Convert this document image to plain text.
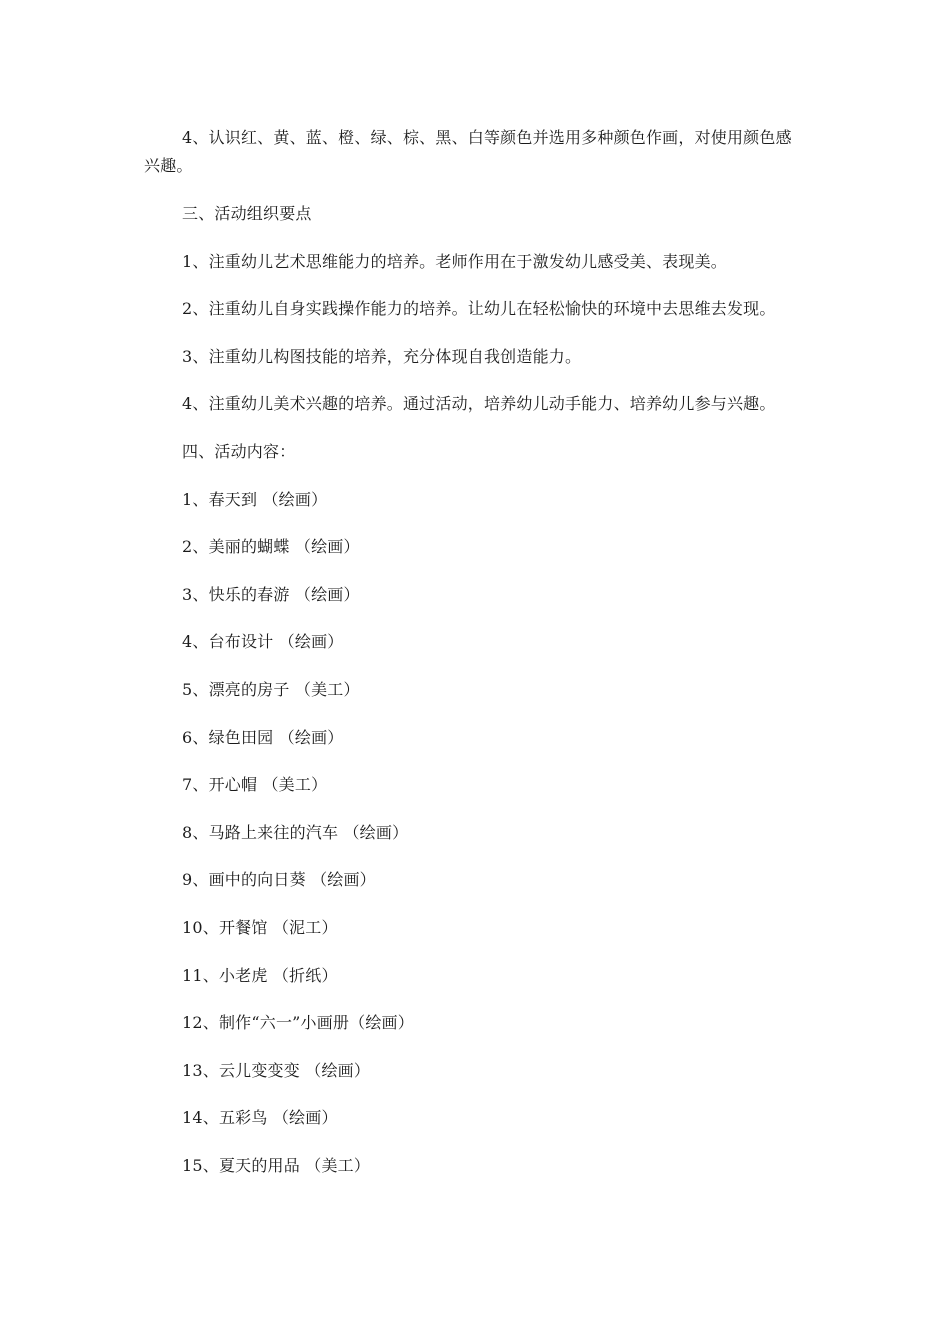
4、认识红、黄、蓝、橙、绿、棕、黑、白等颜色并选用多种颜色作画，对使用颜色感兴趣。

三、活动组织要点

1、注重幼儿艺术思维能力的培养。老师作用在于激发幼儿感受美、表现美。

2、注重幼儿自身实践操作能力的培养。让幼儿在轻松愉快的环境中去思维去发现。

3、注重幼儿构图技能的培养，充分体现自我创造能力。

4、注重幼儿美术兴趣的培养。通过活动，培养幼儿动手能力、培养幼儿参与兴趣。

四、活动内容：

1、春天到 （绘画）

2、美丽的蝴蝶 （绘画）

3、快乐的春游 （绘画）

4、台布设计 （绘画）

5、漂亮的房子 （美工）

6、绿色田园 （绘画）

7、开心帽 （美工）

8、马路上来往的汽车 （绘画）

9、画中的向日葵 （绘画）

10、开餐馆 （泥工）

11、小老虎 （折纸）

12、制作“六一”小画册（绘画）

13、云儿变变变 （绘画）

14、五彩鸟 （绘画）

15、夏天的用品 （美工）
